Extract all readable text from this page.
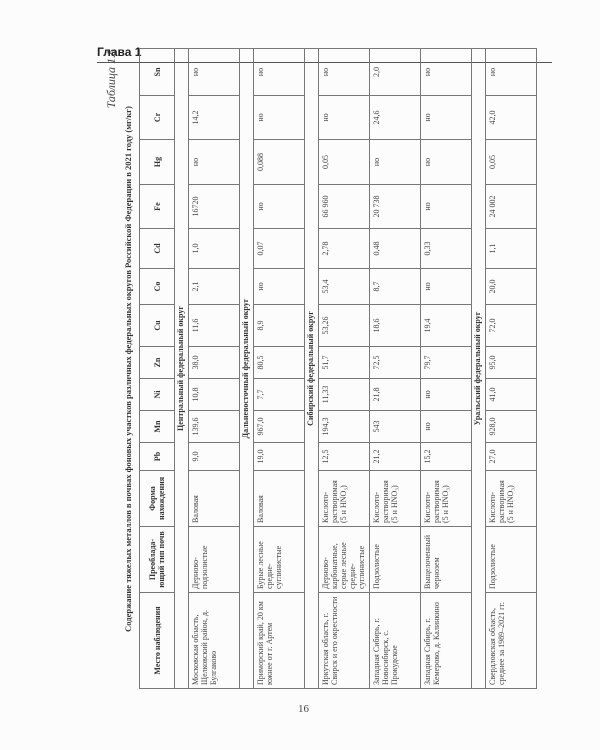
Глава 1
Таблица 1.5
Содержание тяжелых металлов в почвах фоновых участков различных федеральных округов Российской Федерации в 2021 году (мг/кг)
Место наблюдения	Преоблада- ющий тип почв	Форма нахождения	Pb	Mn	Ni	Zn	Cu	Co	Cd	Fe	Hg	Cr	Sn
Центральный федеральный округ													
Московская область, Щелковский район, д. Булгаково	Дерново-подзолистые	Валовая	9,0	139,6	10,8	38,0	11,6	2,1	1,0	16720	но	14,2	но
Дальневосточный федеральный округ													
Приморский край, 20 км южнее от г. Артем	Бурые лесные средне-суглинистые	Валовая	19,0	967,0	7,7	80,5	8,9	но	0,07	но	0,088	но	но
Сибирский федеральный округ													
Иркутская область, г. Свирск и его окрестности	Дерново-карбонатные, серые лесные средне-суглинистые	Кислото-растворимая (5 н HNO₃)	12,5	194,3	11,33	51,7	53,26	53,4	2,78	66 960	0,05	но	но
Западная Сибирь, г. Новосибирск, с. Прокудское	Подзолистые	Кислото-растворимая (5 н HNO₃)	21,2	543	21,8	72,5	18,6	8,7	0,48	20 738	но	24,6	2,0
Западная Сибирь, г. Кемерово, д. Калинкино	Выщелоченный чернозем	Кислото-растворимая (5 н HNO₃)	15,2	но	но	79,7	19,4	но	0,33	но	но	но	но
Уральский федеральный округ													
Свердловская область, среднее за 1989–2021 гг.	Подзолистые	Кислото-растворимая (5 н HNO₃)	27,0	928,0	41,0	95,0	72,0	20,0	1,1	24 002	0,05	42,0	но
16
